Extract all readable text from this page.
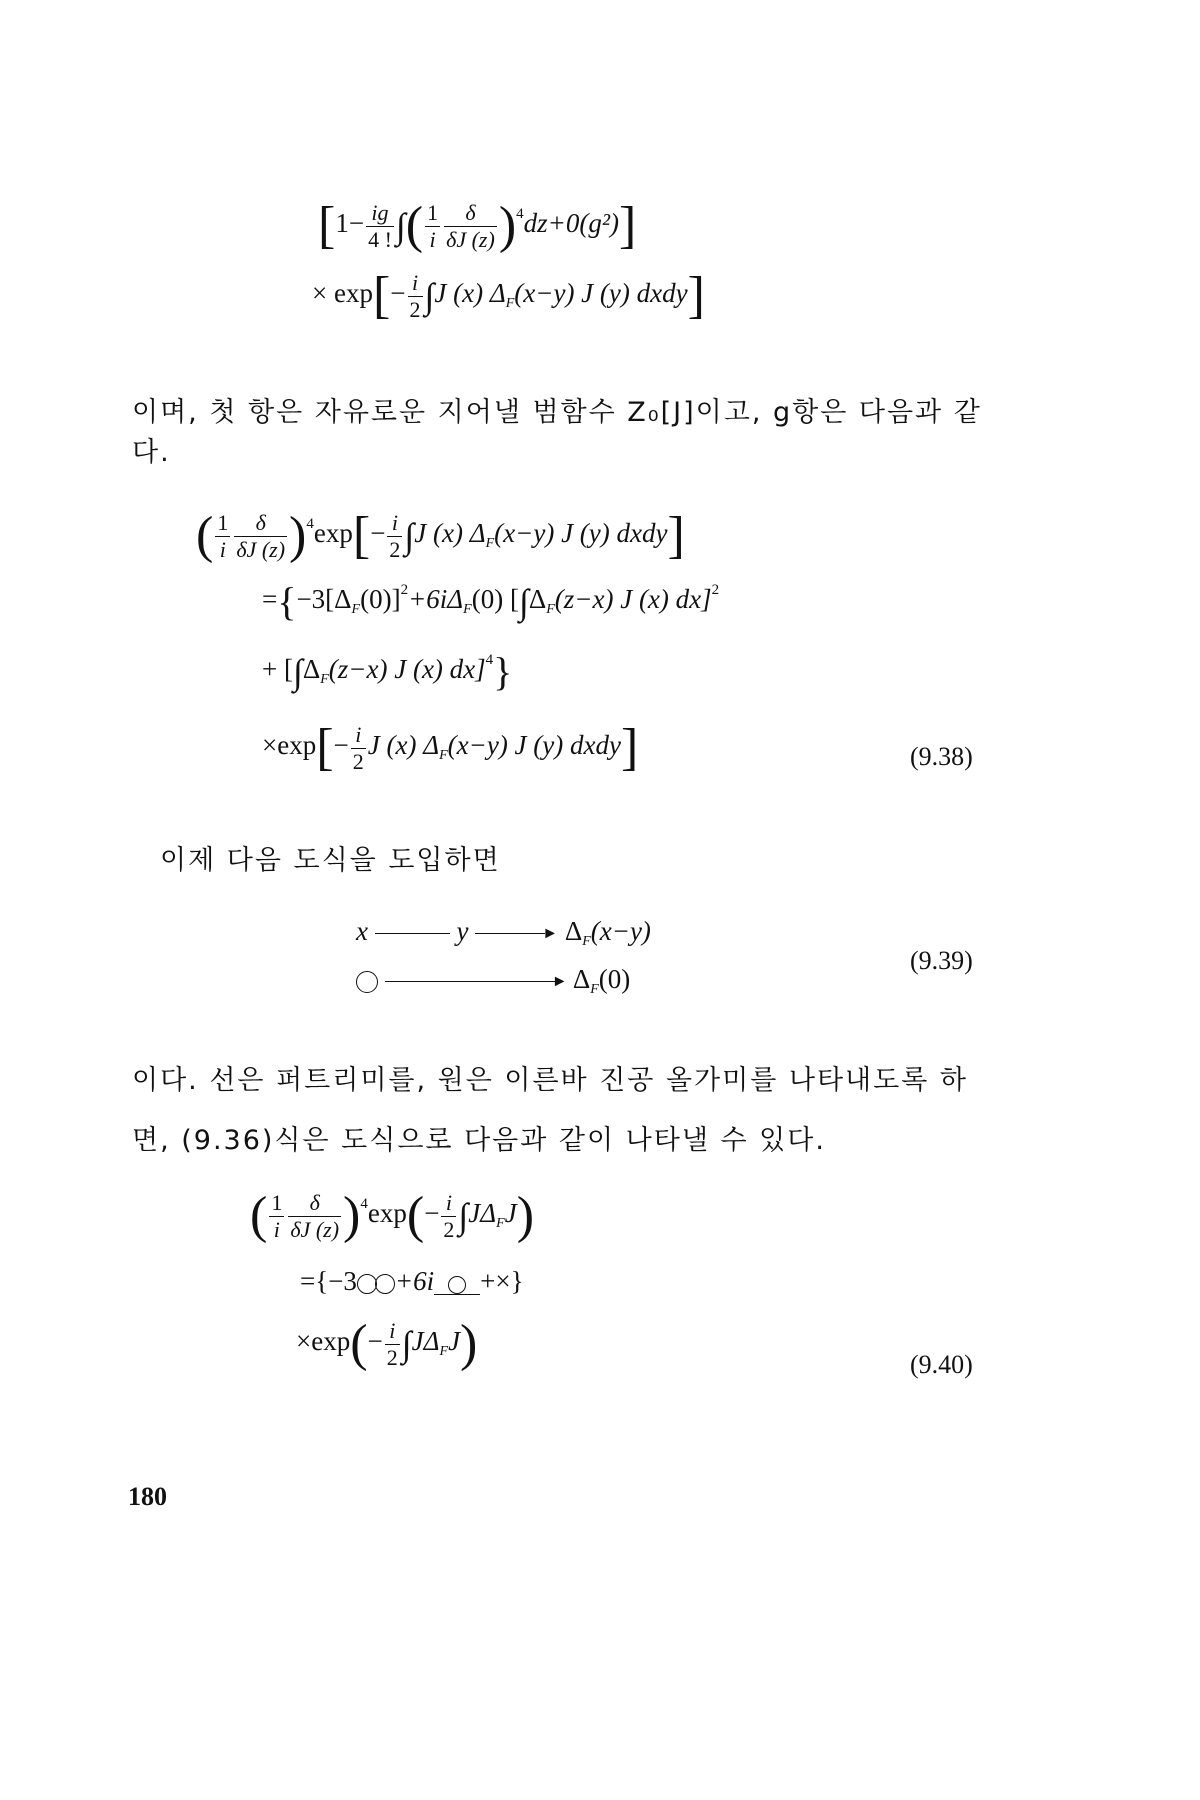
[$1- \frac{ig}{4 !}$ ∫( $\frac{1}{i} \frac{\delta}{\delta J (z)} )^4dz+0(g^2)$]
× $\exp[- \frac{i}{2} \int J$ (x) $\Delta_F(x-y)$ J (y) dxdy]
이며, 첫 항은 자유로운 지어낼 범함수 Z₀[J]이고, g항은 다음과 같
다.
( $\frac{1}{i} \frac{\delta}{\delta J (z)} )^4\exp[- \frac{i}{2} \int J$ (x) $\Delta_F(x-y)$ J (y) dxdy]
$=\{-3[\Delta_F(0)]^2+6i\Delta_F(0)$ [$\int\Delta_F(z-x)$ J (x) dx]$^2$
+ [$\int\Delta_F(z-x)$ J (x) dx]$^4$}
$\times\exp[- \frac{i}{2}$ J (x) $\Delta_F(x-y)$ J (y) dxdy]	(9.38)
이제 다음 도식을 도입하면
x	y	► $\Delta_F(x-y)$
► $\Delta_F(0)$
(9.39)
이다. 선은 퍼트리미를, 원은 이른바 진공 올가미를 나타내도록 하
면, (9.36)식은 도식으로 다음과 같이 나타낼 수 있다.
( $\frac{1}{i} \frac{\delta}{\delta J (z)} )^4\exp(- \frac{i}{2} \int J\Delta_FJ)$
={−3 +6i +×}
$\times\exp(- \frac{i}{2} \int J\Delta_FJ)$	(9.40)
180
